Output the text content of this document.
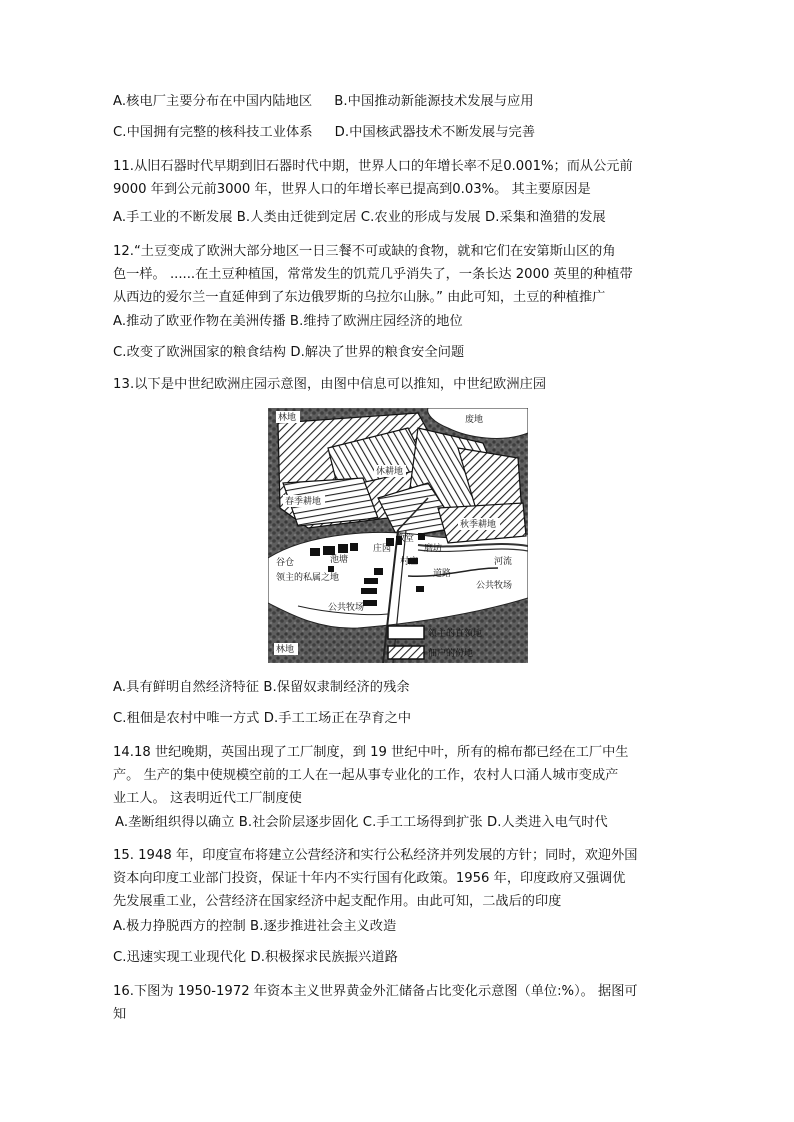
A.核电厂主要分布在中国内陆地区 B.中国推动新能源技术发展与应用
C.中国拥有完整的核科技工业体系 D.中国核武器技术不断发展与完善
11.从旧石器时代早期到旧石器时代中期，世界人口的年增长率不足0.001%；而从公元前
9000 年到公元前3000 年，世界人口的年增长率已提高到0.03%。 其主要原因是
A.手工业的不断发展 B.人类由迁徙到定居 C.农业的形成与发展 D.采集和渔猎的发展
12.“土豆变成了欧洲大部分地区一日三餐不可或缺的食物，就和它们在安第斯山区的角
色一样。 ......在土豆种植国，常常发生的饥荒几乎消失了，一条长达 2000 英里的种植带
从西边的爱尔兰一直延伸到了东边俄罗斯的乌拉尔山脉。” 由此可知，土豆的种植推广
A.推动了欧亚作物在美洲传播 B.维持了欧洲庄园经济的地位
C.改变了欧洲国家的粮食结构 D.解决了世界的粮食安全问题
13.以下是中世纪欧洲庄园示意图，由图中信息可以推知，中世纪欧洲庄园
林地	废地
休耕地
春季耕地
秋季耕地
庄园
教堂
磨坊
河流
谷仓
领主的私属之地
池塘	村庄
道路
公共牧场
公共牧场
领主的直领地
佃户的份地
林地
A.具有鲜明自然经济特征 B.保留奴隶制经济的残余
C.租佃是农村中唯一方式 D.手工工场正在孕育之中
14.18 世纪晚期，英国出现了工厂制度，到 19 世纪中叶，所有的棉布都已经在工厂中生
产。 生产的集中使规模空前的工人在一起从事专业化的工作，农村人口涌人城市变成产
业工人。 这表明近代工厂制度使
A.垄断组织得以确立 B.社会阶层逐步固化 C.手工工场得到扩张 D.人类进入电气时代
15. 1948 年，印度宣布将建立公营经济和实行公私经济并列发展的方针；同时，欢迎外国
资本向印度工业部门投资，保证十年内不实行国有化政策。1956 年，印度政府又强调优
先发展重工业，公营经济在国家经济中起支配作用。由此可知，二战后的印度
A.极力挣脱西方的控制 B.逐步推进社会主义改造
C.迅速实现工业现代化 D.积极探求民族振兴道路
16.下图为 1950-1972 年资本主义世界黄金外汇储备占比变化示意图（单位:%）。 据图可
知
